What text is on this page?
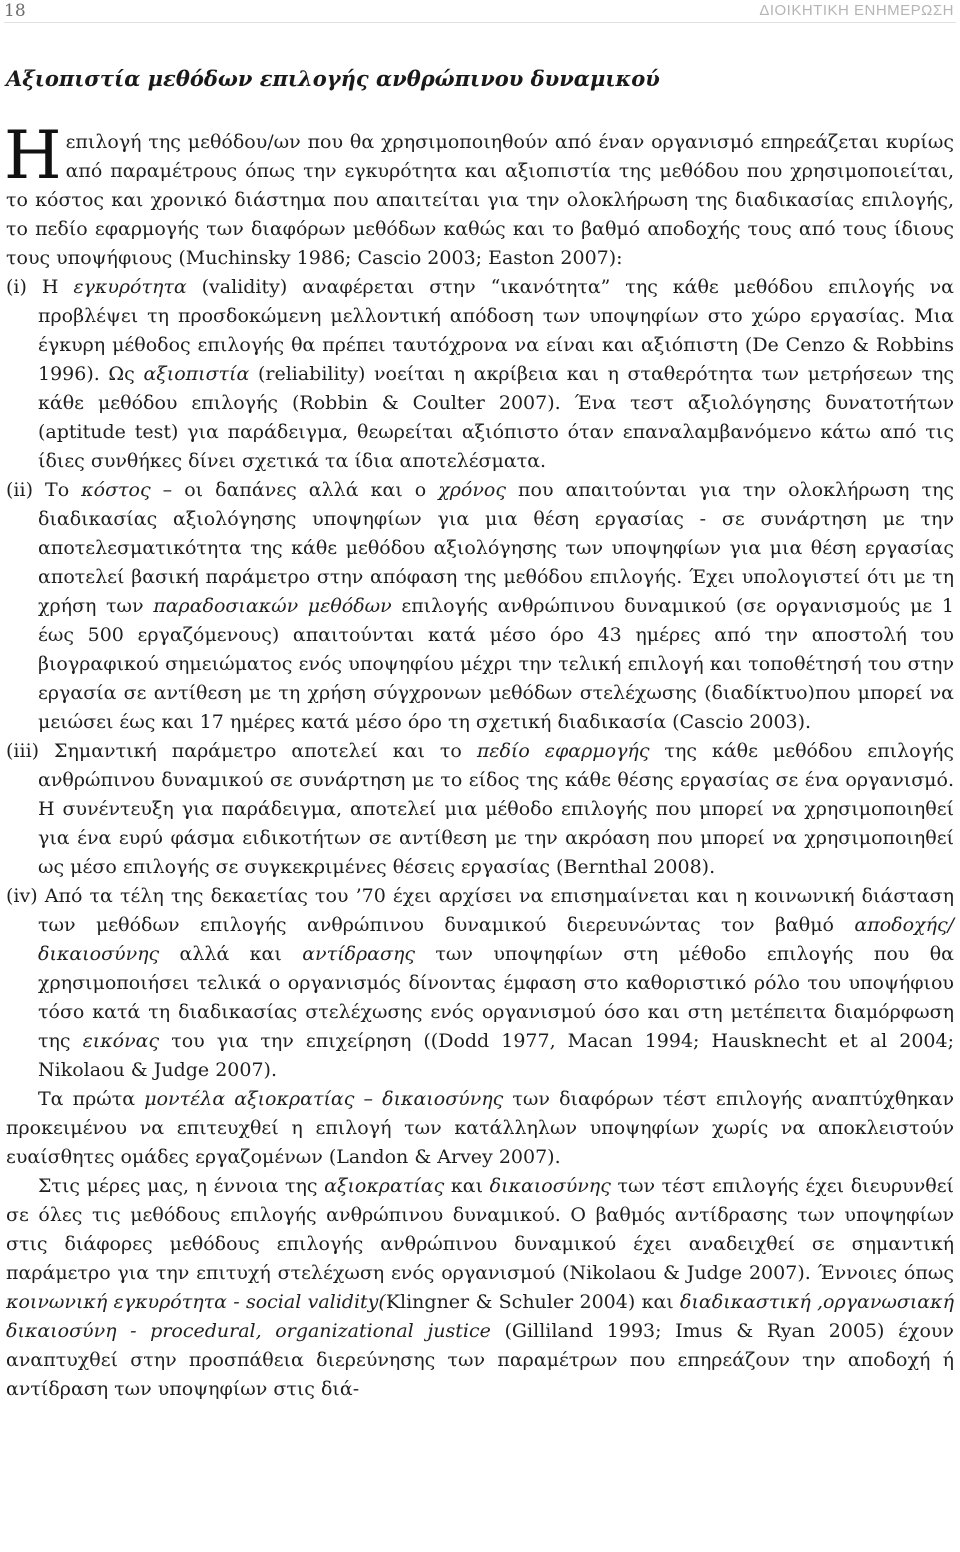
18	ΔΙΟΙΚΗΤΙΚΗ ΕΝΗΜΕΡΩΣΗ
Αξιοπιστία μεθόδων επιλογής ανθρώπινου δυναμικού

Η επιλογή της μεθόδου/ων που θα χρησιμοποιηθούν από έναν οργανισμό επηρεάζεται κυρίως από παραμέτρους όπως την εγκυρότητα και αξιοπιστία της μεθόδου που χρησιμοποιείται, το κόστος και χρονικό διάστημα που απαιτείται για την ολοκλήρωση της διαδικασίας επιλογής, το πεδίο εφαρμογής των διαφόρων μεθόδων καθώς και το βαθμό αποδοχής τους από τους ίδιους τους υποψήφιους (Muchinsky 1986; Cascio 2003; Easton 2007):

(i) Η εγκυρότητα (validity) αναφέρεται στην “ικανότητα” της κάθε μεθόδου επιλογής να προβλέψει τη προσδοκώμενη μελλοντική απόδοση των υποψηφίων στο χώρο εργασίας. Μια έγκυρη μέθοδος επιλογής θα πρέπει ταυτόχρονα να είναι και αξιόπιστη (De Cenzo & Robbins 1996). Ως αξιοπιστία (reliability) νοείται η ακρίβεια και η σταθερότητα των μετρήσεων της κάθε μεθόδου επιλογής (Robbin & Coulter 2007). Ένα τεστ αξιολόγησης δυνατοτήτων (aptitude test) για παράδειγμα, θεωρείται αξιόπιστο όταν επαναλαμβανόμενο κάτω από τις ίδιες συνθήκες δίνει σχετικά τα ίδια αποτελέσματα.

(ii) Το κόστος – οι δαπάνες αλλά και ο χρόνος που απαιτούνται για την ολοκλήρωση της διαδικασίας αξιολόγησης υποψηφίων για μια θέση εργασίας - σε συνάρτηση με την αποτελεσματικότητα της κάθε μεθόδου αξιολόγησης των υποψηφίων για μια θέση εργασίας αποτελεί βασική παράμετρο στην απόφαση της μεθόδου επιλογής. Έχει υπολογιστεί ότι με τη χρήση των παραδοσιακών μεθόδων επιλογής ανθρώπινου δυναμικού (σε οργανισμούς με 1 έως 500 εργαζόμενους) απαιτούνται κατά μέσο όρο 43 ημέρες από την αποστολή του βιογραφικού σημειώματος ενός υποψηφίου μέχρι την τελική επιλογή και τοποθέτησή του στην εργασία σε αντίθεση με τη χρήση σύγχρονων μεθόδων στελέχωσης (διαδίκτυο)που μπορεί να μειώσει έως και 17 ημέρες κατά μέσο όρο τη σχετική διαδικασία (Cascio 2003).

(iii) Σημαντική παράμετρο αποτελεί και το πεδίο εφαρμογής της κάθε μεθόδου επιλογής ανθρώπινου δυναμικού σε συνάρτηση με το είδος της κάθε θέσης εργασίας σε ένα οργανισμό. Η συνέντευξη για παράδειγμα, αποτελεί μια μέθοδο επιλογής που μπορεί να χρησιμοποιηθεί για ένα ευρύ φάσμα ειδικοτήτων σε αντίθεση με την ακρόαση που μπορεί να χρησιμοποιηθεί ως μέσο επιλογής σε συγκεκριμένες θέσεις εργασίας (Bernthal 2008).

(iv) Από τα τέλη της δεκαετίας του ’70 έχει αρχίσει να επισημαίνεται και η κοινωνική διάσταση των μεθόδων επιλογής ανθρώπινου δυναμικού διερευνώντας τον βαθμό αποδοχής/δικαιοσύνης αλλά και αντίδρασης των υποψηφίων στη μέθοδο επιλογής που θα χρησιμοποιήσει τελικά ο οργανισμός δίνοντας έμφαση στο καθοριστικό ρόλο του υποψήφιου τόσο κατά τη διαδικασίας στελέχωσης ενός οργανισμού όσο και στη μετέπειτα διαμόρφωση της εικόνας του για την επιχείρηση ((Dodd 1977, Macan 1994; Hausknecht et al 2004; Nikolaou & Judge 2007).

Τα πρώτα μοντέλα αξιοκρατίας – δικαιοσύνης των διαφόρων τέστ επιλογής αναπτύχθηκαν προκειμένου να επιτευχθεί η επιλογή των κατάλληλων υποψηφίων χωρίς να αποκλειστούν ευαίσθητες ομάδες εργαζομένων (Landon & Arvey 2007).

Στις μέρες μας, η έννοια της αξιοκρατίας και δικαιοσύνης των τέστ επιλογής έχει διευρυνθεί σε όλες τις μεθόδους επιλογής ανθρώπινου δυναμικού. Ο βαθμός αντίδρασης των υποψηφίων στις διάφορες μεθόδους επιλογής ανθρώπινου δυναμικού έχει αναδειχθεί σε σημαντική παράμετρο για την επιτυχή στελέχωση ενός οργανισμού (Nikolaou & Judge 2007). Έννοιες όπως κοινωνική εγκυρότητα - social validity(Klingner & Schuler 2004) και διαδικαστική ,οργανωσιακή δικαιοσύνη - procedural, organizational justice (Gilliland 1993; Imus & Ryan 2005) έχουν αναπτυχθεί στην προσπάθεια διερεύνησης των παραμέτρων που επηρεάζουν την αποδοχή ή αντίδραση των υποψηφίων στις διά-
